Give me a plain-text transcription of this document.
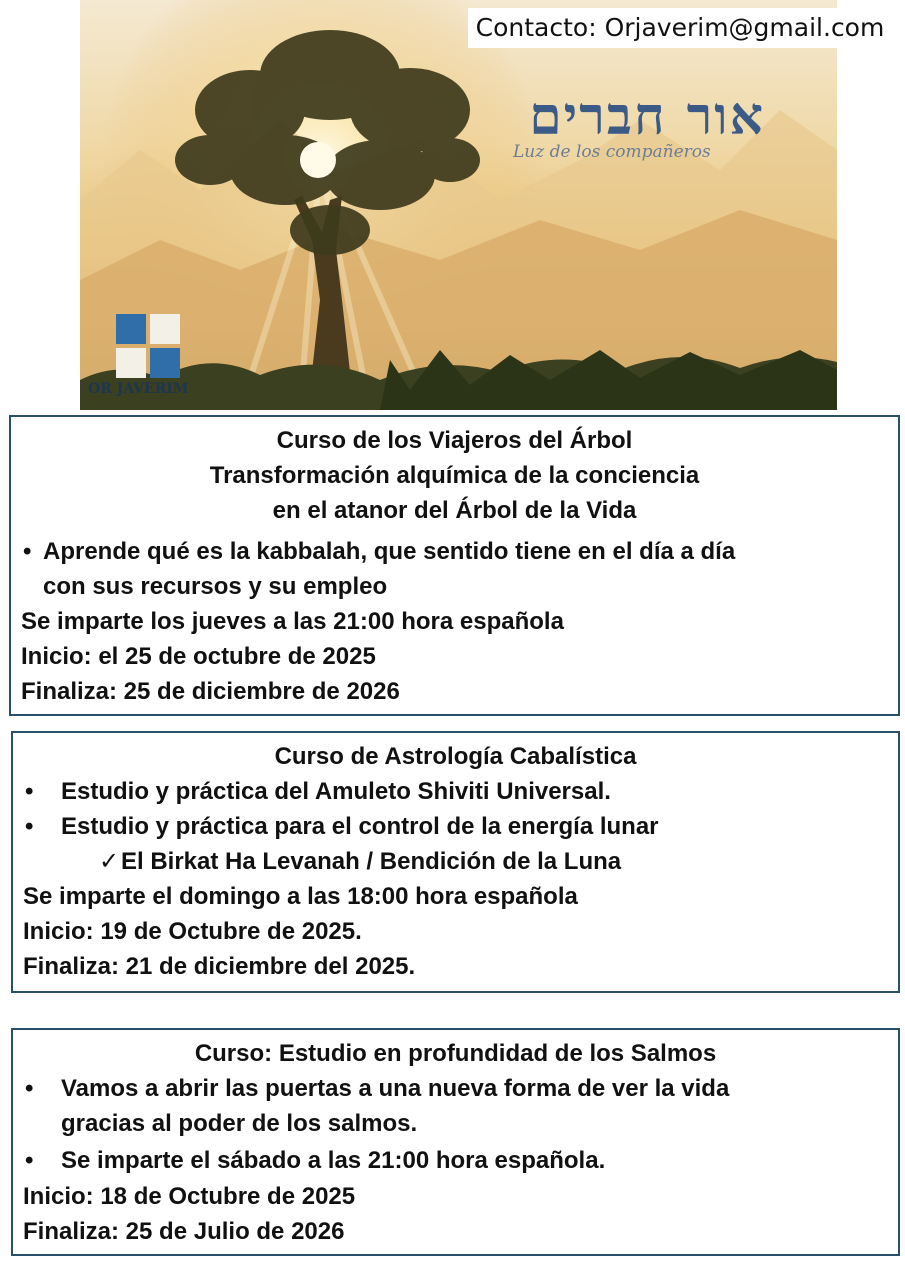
Contacto: Orjaverim@gmail.com
אור חברים
Luz de los compañeros
OR JAVERIM
Curso de los Viajeros del Árbol
Transformación alquímica de la conciencia
en el atanor del Árbol de la Vida
• Aprende qué es la kabbalah, que sentido tiene en el día a día
con sus recursos y su empleo
Se imparte los jueves a las 21:00 hora española
Inicio: el 25 de octubre de 2025
Finaliza: 25 de diciembre de 2026
Curso de Astrología Cabalística
• Estudio y práctica del Amuleto Shiviti Universal.
• Estudio y práctica para el control de la energía lunar
✓ El Birkat Ha Levanah / Bendición de la Luna
Se imparte el domingo a las 18:00 hora española
Inicio: 19 de Octubre de 2025.
Finaliza: 21 de diciembre del 2025.
Curso: Estudio en profundidad de los Salmos
• Vamos a abrir las puertas a una nueva forma de ver la vida
gracias al poder de los salmos.
• Se imparte el sábado a las 21:00 hora española.
Inicio: 18 de Octubre de 2025
Finaliza: 25 de Julio de 2026
